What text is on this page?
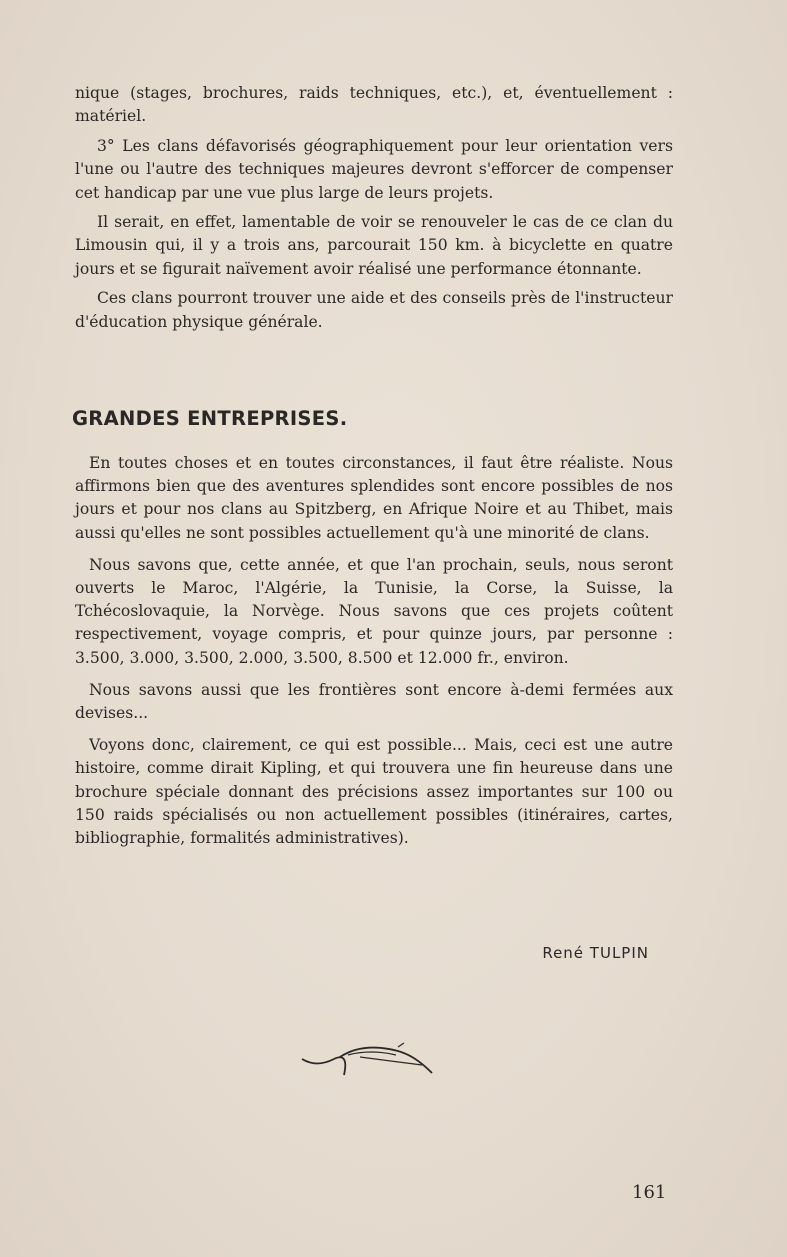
nique (stages, brochures, raids techniques, etc.), et, éventuellement : matériel.

3° Les clans défavorisés géographiquement pour leur orientation vers l'une ou l'autre des techniques majeures devront s'efforcer de compenser cet handicap par une vue plus large de leurs projets.

Il serait, en effet, lamentable de voir se renouveler le cas de ce clan du Limousin qui, il y a trois ans, parcourait 150 km. à bicyclette en quatre jours et se figurait naïvement avoir réalisé une performance étonnante.

Ces clans pourront trouver une aide et des conseils près de l'instructeur d'éducation physique générale.

GRANDES ENTREPRISES.

En toutes choses et en toutes circonstances, il faut être réaliste. Nous affirmons bien que des aventures splendides sont encore possibles de nos jours et pour nos clans au Spitzberg, en Afrique Noire et au Thibet, mais aussi qu'elles ne sont possibles actuellement qu'à une minorité de clans.

Nous savons que, cette année, et que l'an prochain, seuls, nous seront ouverts le Maroc, l'Algérie, la Tunisie, la Corse, la Suisse, la Tchécoslovaquie, la Norvège. Nous savons que ces projets coûtent respectivement, voyage compris, et pour quinze jours, par personne : 3.500, 3.000, 3.500, 2.000, 3.500, 8.500 et 12.000 fr., environ.

Nous savons aussi que les frontières sont encore à-demi fermées aux devises...

Voyons donc, clairement, ce qui est possible... Mais, ceci est une autre histoire, comme dirait Kipling, et qui trouvera une fin heureuse dans une brochure spéciale donnant des précisions assez importantes sur 100 ou 150 raids spécialisés ou non actuellement possibles (itinéraires, cartes, bibliographie, formalités administratives).

René TULPIN
161
